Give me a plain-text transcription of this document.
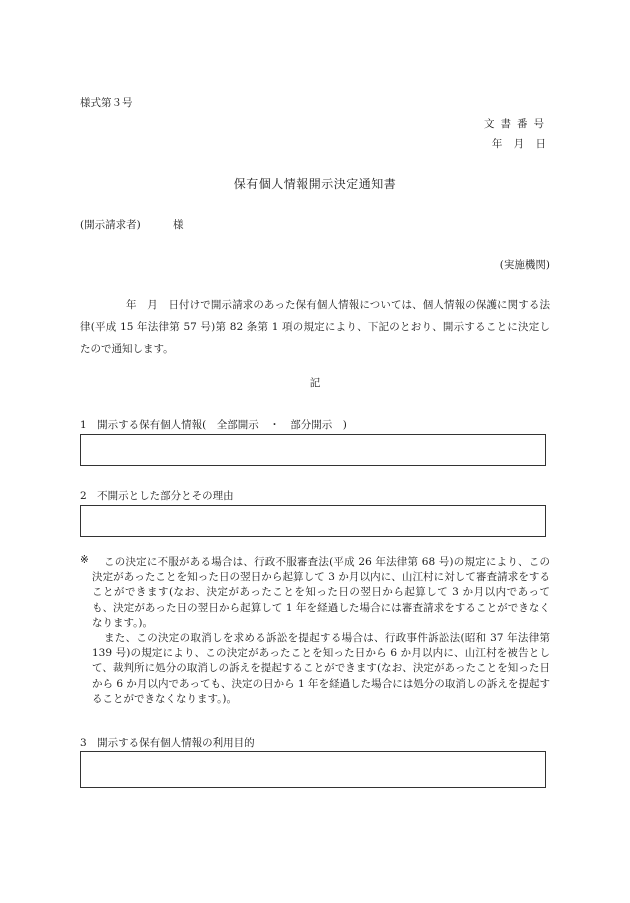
様式第３号
文書番号
年 月 日
保有個人情報開示決定通知書
(開示請求者)	様
(実施機関)
年　月　日付けで開示請求のあった保有個人情報については、個人情報の保護に関する法律(平成 15 年法律第 57 号)第 82 条第 1 項の規定により、下記のとおり、開示することに決定したので通知します。
記
1　開示する保有個人情報(　全部開示　・　部分開示　)
2　不開示とした部分とその理由
※	この決定に不服がある場合は、行政不服審査法(平成 26 年法律第 68 号)の規定により、この決定があったことを知った日の翌日から起算して 3 か月以内に、山江村に対して審査請求をすることができます(なお、決定があったことを知った日の翌日から起算して 3 か月以内であっても、決定があった日の翌日から起算して 1 年を経過した場合には審査請求をすることができなくなります。)。
また、この決定の取消しを求める訴訟を提起する場合は、行政事件訴訟法(昭和 37 年法律第 139 号)の規定により、この決定があったことを知った日から 6 か月以内に、山江村を被告として、裁判所に処分の取消しの訴えを提起することができます(なお、決定があったことを知った日から 6 か月以内であっても、決定の日から 1 年を経過した場合には処分の取消しの訴えを提起することができなくなります。)。
3　開示する保有個人情報の利用目的
